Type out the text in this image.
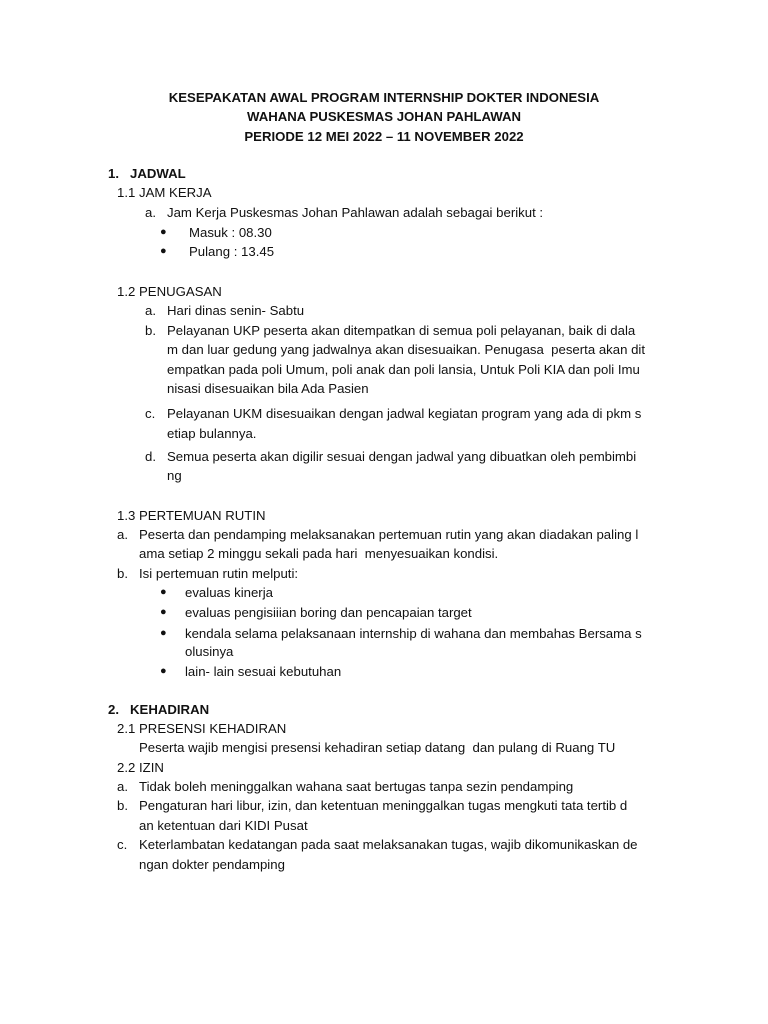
KESEPAKATAN AWAL PROGRAM INTERNSHIP DOKTER INDONESIA
WAHANA PUSKESMAS JOHAN PAHLAWAN
PERIODE 12 MEI 2022 – 11 NOVEMBER 2022
1. JADWAL
1.1 JAM KERJA
a. Jam Kerja Puskesmas Johan Pahlawan adalah sebagai berikut :
● Masuk : 08.30
● Pulang : 13.45
1.2 PENUGASAN
a. Hari dinas senin- Sabtu
b. Pelayanan UKP peserta akan ditempatkan di semua poli pelayanan, baik di dala
m dan luar gedung yang jadwalnya akan disesuaikan. Penugasa  peserta akan dit
empatkan pada poli Umum, poli anak dan poli lansia, Untuk Poli KIA dan poli Imu
nisasi disesuaikan bila Ada Pasien
c. Pelayanan UKM disesuaikan dengan jadwal kegiatan program yang ada di pkm s
etiap bulannya.
d. Semua peserta akan digilir sesuai dengan jadwal yang dibuatkan oleh pembimbi
ng
1.3 PERTEMUAN RUTIN
a. Peserta dan pendamping melaksanakan pertemuan rutin yang akan diadakan paling l
ama setiap 2 minggu sekali pada hari  menyesuaikan kondisi.
b. Isi pertemuan rutin melputi:
● evaluas kinerja
● evaluas pengisiiian boring dan pencapaian target
● kendala selama pelaksanaan internship di wahana dan membahas Bersama s
olusinya
● lain- lain sesuai kebutuhan
2. KEHADIRAN
2.1 PRESENSI KEHADIRAN
Peserta wajib mengisi presensi kehadiran setiap datang  dan pulang di Ruang TU
2.2 IZIN
a. Tidak boleh meninggalkan wahana saat bertugas tanpa sezin pendamping
b. Pengaturan hari libur, izin, dan ketentuan meninggalkan tugas mengkuti tata tertib d
an ketentuan dari KIDI Pusat
c. Keterlambatan kedatangan pada saat melaksanakan tugas, wajib dikomunikaskan de
ngan dokter pendamping
